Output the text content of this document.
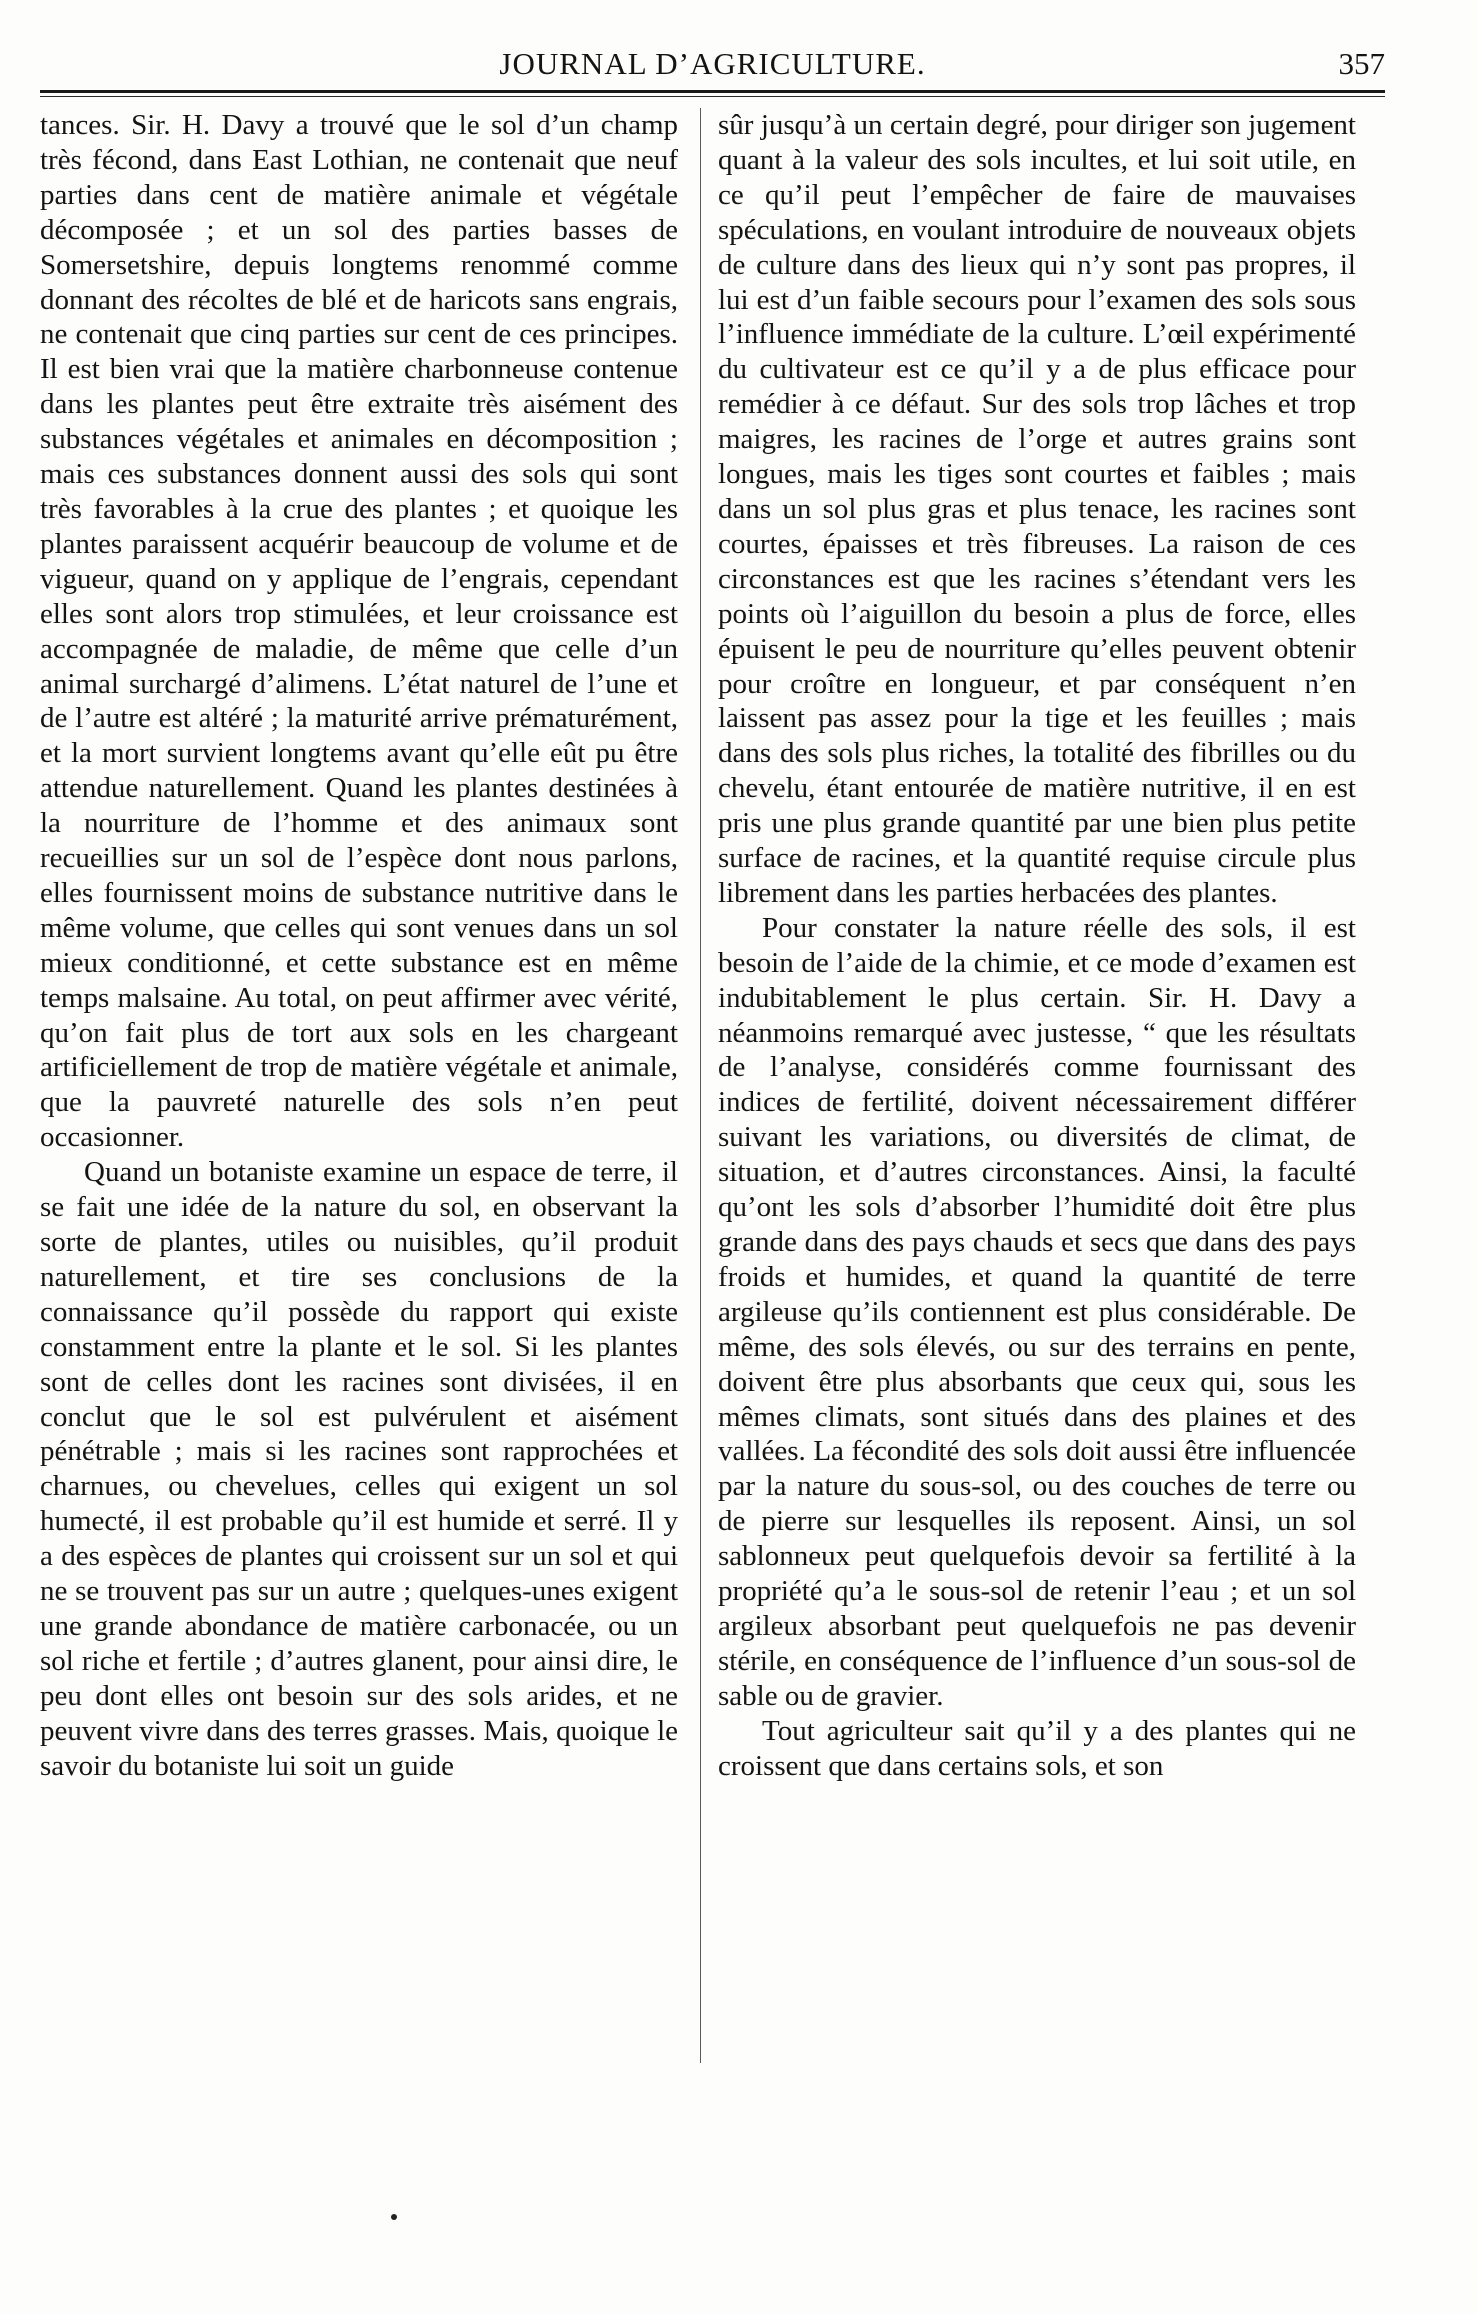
JOURNAL D’AGRICULTURE.	357

tances. Sir. H. Davy a trouvé que le sol d’un champ très fécond, dans East Lothian, ne contenait que neuf parties dans cent de matière animale et végétale décomposée ; et un sol des parties basses de Somersetshire, depuis longtems renommé comme donnant des récoltes de blé et de haricots sans engrais, ne contenait que cinq parties sur cent de ces principes. Il est bien vrai que la matière charbonneuse contenue dans les plantes peut être extraite très aisément des substances végétales et animales en décomposition ; mais ces substances donnent aussi des sols qui sont très favorables à la crue des plantes ; et quoique les plantes paraissent acquérir beaucoup de volume et de vigueur, quand on y applique de l’engrais, cependant elles sont alors trop stimulées, et leur croissance est accompagnée de maladie, de même que celle d’un animal surchargé d’alimens. L’état naturel de l’une et de l’autre est altéré ; la maturité arrive prématurément, et la mort survient longtems avant qu’elle eût pu être attendue naturellement. Quand les plantes destinées à la nourriture de l’homme et des animaux sont recueillies sur un sol de l’espèce dont nous parlons, elles fournissent moins de substance nutritive dans le même volume, que celles qui sont venues dans un sol mieux conditionné, et cette substance est en même temps malsaine. Au total, on peut affirmer avec vérité, qu’on fait plus de tort aux sols en les chargeant artificiellement de trop de matière végétale et animale, que la pauvreté naturelle des sols n’en peut occasionner.

Quand un botaniste examine un espace de terre, il se fait une idée de la nature du sol, en observant la sorte de plantes, utiles ou nuisibles, qu’il produit naturellement, et tire ses conclusions de la connaissance qu’il possède du rapport qui existe constamment entre la plante et le sol. Si les plantes sont de celles dont les racines sont divisées, il en conclut que le sol est pulvérulent et aisément pénétrable ; mais si les racines sont rapprochées et charnues, ou chevelues, celles qui exigent un sol humecté, il est probable qu’il est humide et serré. Il y a des espèces de plantes qui croissent sur un sol et qui ne se trouvent pas sur un autre ; quelques-unes exigent une grande abondance de matière carbonacée, ou un sol riche et fertile ; d’autres glanent, pour ainsi dire, le peu dont elles ont besoin sur des sols arides, et ne peuvent vivre dans des terres grasses. Mais, quoique le savoir du botaniste lui soit un guide

sûr jusqu’à un certain degré, pour diriger son jugement quant à la valeur des sols incultes, et lui soit utile, en ce qu’il peut l’empêcher de faire de mauvaises spéculations, en voulant introduire de nouveaux objets de culture dans des lieux qui n’y sont pas propres, il lui est d’un faible secours pour l’examen des sols sous l’influence immédiate de la culture. L’œil expérimenté du cultivateur est ce qu’il y a de plus efficace pour remédier à ce défaut. Sur des sols trop lâches et trop maigres, les racines de l’orge et autres grains sont longues, mais les tiges sont courtes et faibles ; mais dans un sol plus gras et plus tenace, les racines sont courtes, épaisses et très fibreuses. La raison de ces circonstances est que les racines s’étendant vers les points où l’aiguillon du besoin a plus de force, elles épuisent le peu de nourriture qu’elles peuvent obtenir pour croître en longueur, et par conséquent n’en laissent pas assez pour la tige et les feuilles ; mais dans des sols plus riches, la totalité des fibrilles ou du chevelu, étant entourée de matière nutritive, il en est pris une plus grande quantité par une bien plus petite surface de racines, et la quantité requise circule plus librement dans les parties herbacées des plantes.

Pour constater la nature réelle des sols, il est besoin de l’aide de la chimie, et ce mode d’examen est indubitablement le plus certain. Sir. H. Davy a néanmoins remarqué avec justesse, “ que les résultats de l’analyse, considérés comme fournissant des indices de fertilité, doivent nécessairement différer suivant les variations, ou diversités de climat, de situation, et d’autres circonstances. Ainsi, la faculté qu’ont les sols d’absorber l’humidité doit être plus grande dans des pays chauds et secs que dans des pays froids et humides, et quand la quantité de terre argileuse qu’ils contiennent est plus considérable. De même, des sols élevés, ou sur des terrains en pente, doivent être plus absorbants que ceux qui, sous les mêmes climats, sont situés dans des plaines et des vallées. La fécondité des sols doit aussi être influencée par la nature du sous-sol, ou des couches de terre ou de pierre sur lesquelles ils reposent. Ainsi, un sol sablonneux peut quelquefois devoir sa fertilité à la propriété qu’a le sous-sol de retenir l’eau ; et un sol argileux absorbant peut quelquefois ne pas devenir stérile, en conséquence de l’influence d’un sous-sol de sable ou de gravier.

Tout agriculteur sait qu’il y a des plantes qui ne croissent que dans certains sols, et son
